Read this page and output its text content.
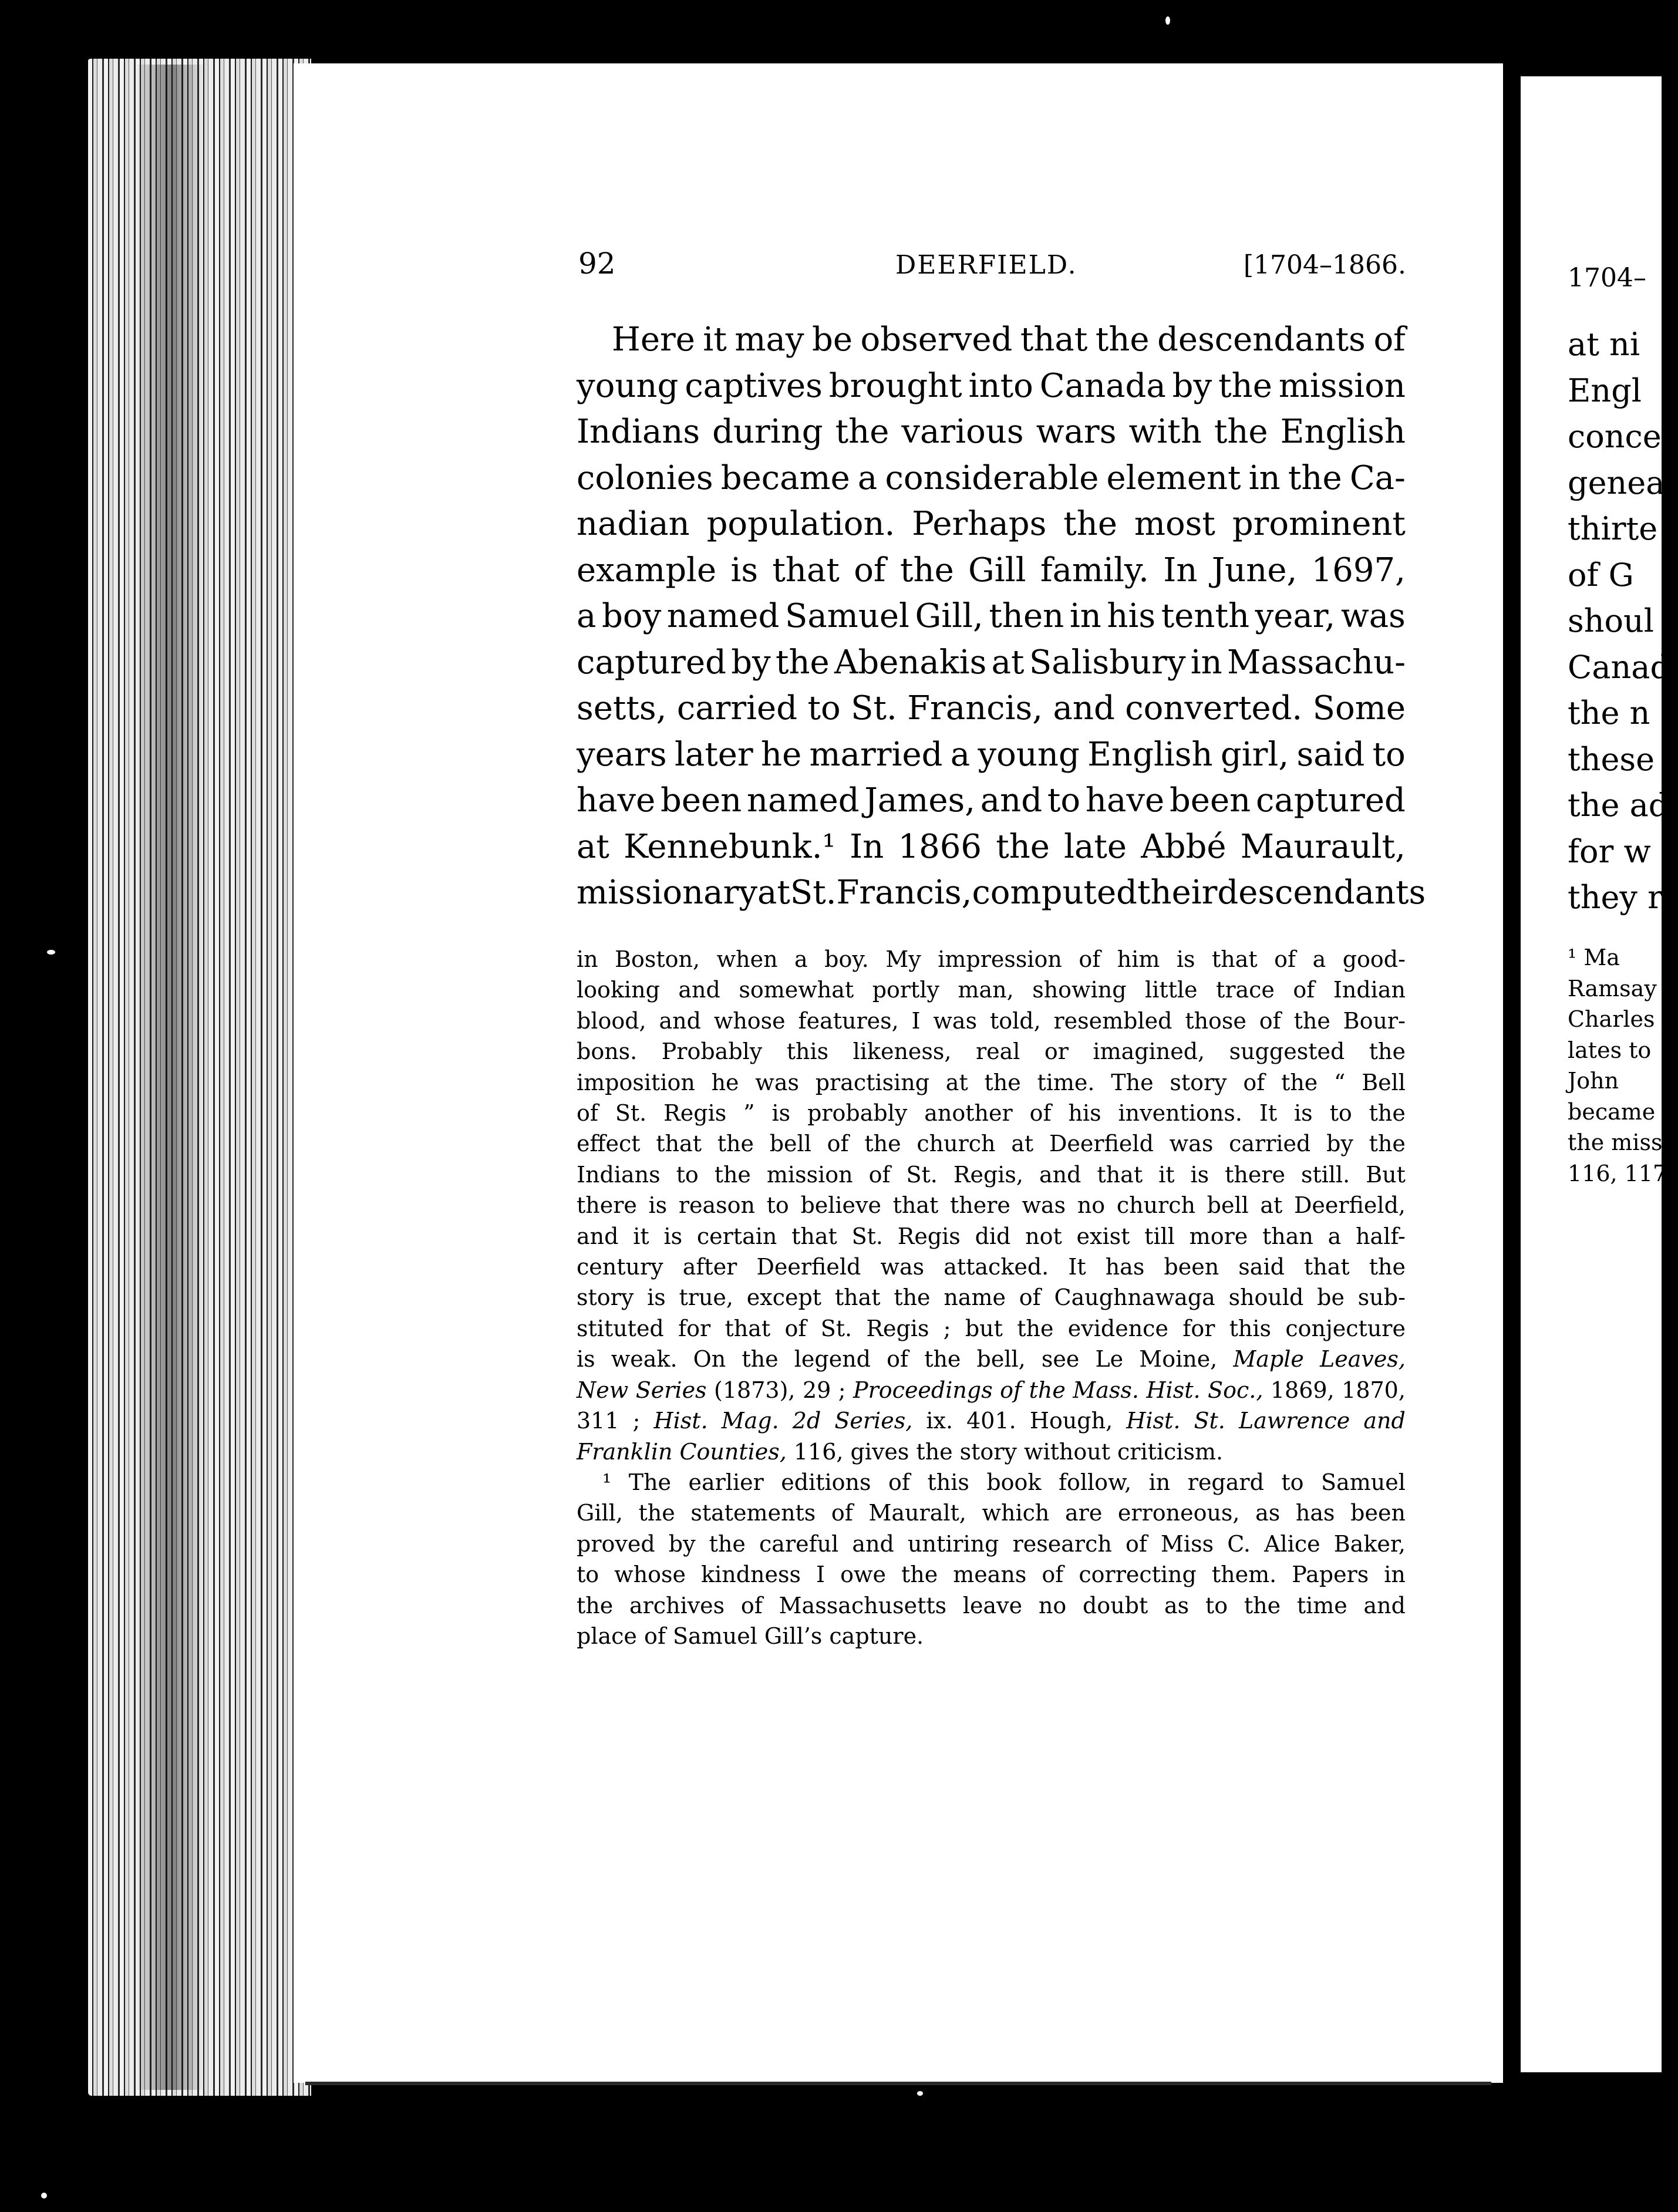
1704–
at ni
Engl
conce
genea
thirte
of G
shoul
Canad
the n
these
the ad
for w
they r
¹ Ma
Ramsay
Charles
lates to
John
became
the miss
116, 117–
92	DEERFIELD.	[1704–1866.
Here it may be observed that the descendants of
young captives brought into Canada by the mission
Indians during the various wars with the English
colonies became a considerable element in the Ca-
nadian population. Perhaps the most prominent
example is that of the Gill family. In June, 1697,
a boy named Samuel Gill, then in his tenth year, was
captured by the Abenakis at Salisbury in Massachu-
setts, carried to St. Francis, and converted. Some
years later he married a young English girl, said to
have been named James, and to have been captured
at Kennebunk.¹ In 1866 the late Abbé Maurault,
missionary at St. Francis, computed their descendants
in Boston, when a boy. My impression of him is that of a good-
looking and somewhat portly man, showing little trace of Indian
blood, and whose features, I was told, resembled those of the Bour-
bons. Probably this likeness, real or imagined, suggested the
imposition he was practising at the time. The story of the “ Bell
of St. Regis ” is probably another of his inventions. It is to the
effect that the bell of the church at Deerfield was carried by the
Indians to the mission of St. Regis, and that it is there still. But
there is reason to believe that there was no church bell at Deerfield,
and it is certain that St. Regis did not exist till more than a half-
century after Deerfield was attacked. It has been said that the
story is true, except that the name of Caughnawaga should be sub-
stituted for that of St. Regis ; but the evidence for this conjecture
is weak. On the legend of the bell, see Le Moine, Maple Leaves,
New Series (1873), 29 ; Proceedings of the Mass. Hist. Soc., 1869, 1870,
311 ; Hist. Mag. 2d Series, ix. 401. Hough, Hist. St. Lawrence and
Franklin Counties, 116, gives the story without criticism.
¹ The earlier editions of this book follow, in regard to Samuel
Gill, the statements of Mauralt, which are erroneous, as has been
proved by the careful and untiring research of Miss C. Alice Baker,
to whose kindness I owe the means of correcting them. Papers in
the archives of Massachusetts leave no doubt as to the time and
place of Samuel Gill’s capture.
